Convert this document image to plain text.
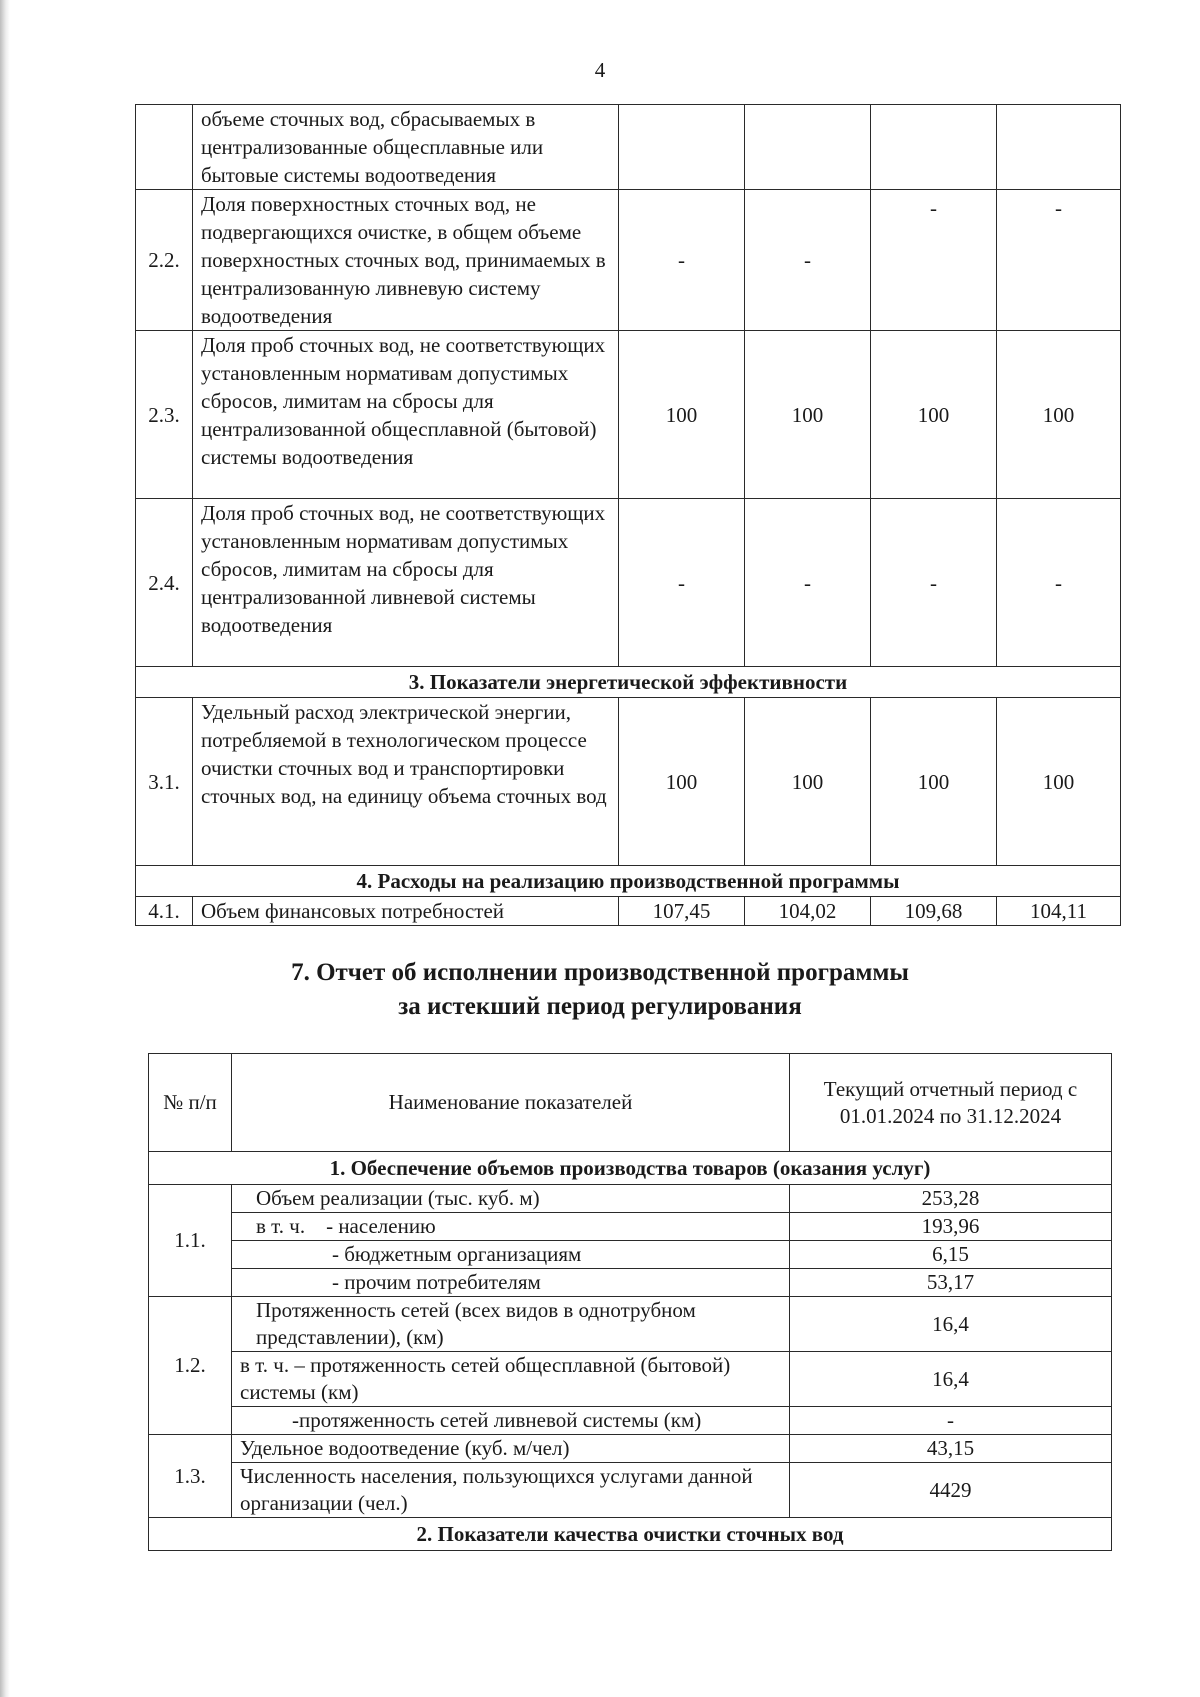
4
	объеме сточных вод, сбрасываемых в централизованные общесплавные или бытовые системы водоотведения				
2.2.	Доля поверхностных сточных вод, не подвергающихся очистке, в общем объеме поверхностных сточных вод, принимаемых в централизованную ливневую систему водоотведения	-	-	-	-
2.3.	Доля проб сточных вод, не соответствующих установленным нормативам допустимых сбросов, лимитам на сбросы для централизованной общесплавной (бытовой) системы водоотведения	100	100	100	100
2.4.	Доля проб сточных вод, не соответствующих установленным нормативам допустимых сбросов, лимитам на сбросы для централизованной ливневой системы водоотведения	-	-	-	-
3. Показатели энергетической эффективности					
3.1.	Удельный расход электрической энергии, потребляемой в технологическом процессе очистки сточных вод и транспортировки сточных вод, на единицу объема сточных вод	100	100	100	100
4. Расходы на реализацию производственной программы					
4.1.	Объем финансовых потребностей	107,45	104,02	109,68	104,11
7. Отчет об исполнении производственной программы
за истекший период регулирования
№ п/п	Наименование показателей	Текущий отчетный период с 01.01.2024 по 31.12.2024
1. Обеспечение объемов производства товаров (оказания услуг)		
1.1.	Объем реализации (тыс. куб. м)	253,28
	в т. ч.    - населению	193,96
	- бюджетным организациям	6,15
	- прочим потребителям	53,17
1.2.	Протяженность сетей (всех видов в однотрубном представлении), (км)	16,4
	в т. ч. – протяженность сетей общесплавной (бытовой) системы (км)	16,4
	-протяженность сетей ливневой системы (км)	-
1.3.	Удельное водоотведение (куб. м/чел)	43,15
	Численность населения, пользующихся услугами данной организации (чел.)	4429
2. Показатели качества очистки сточных вод		
